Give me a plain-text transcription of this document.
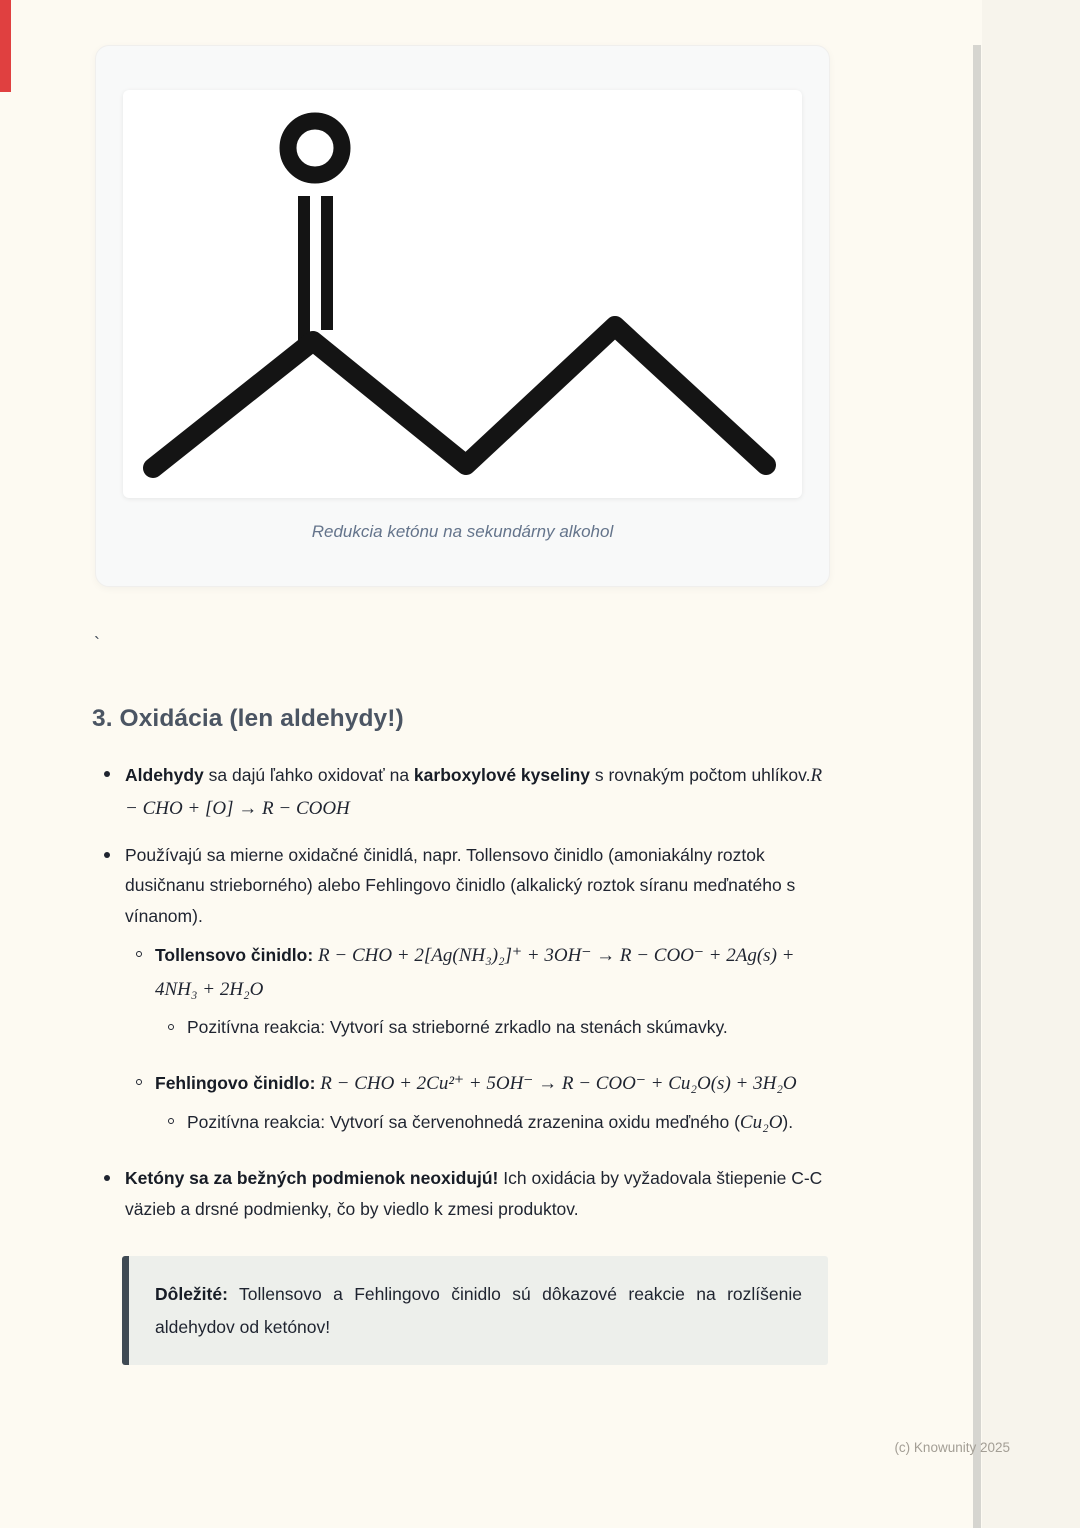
Redukcia ketónu na sekundárny alkohol
`
3. Oxidácia (len aldehydy!)

Aldehydy sa dajú ľahko oxidovať na karboxylové kyseliny s rovnakým počtom uhlíkov.R − CHO + [O] → R − COOH

Používajú sa mierne oxidačné činidlá, napr. Tollensovo činidlo (amoniakálny roztok dusičnanu strieborného) alebo Fehlingovo činidlo (alkalický roztok síranu meďnatého s vínanom).

Tollensovo činidlo: R − CHO + 2[Ag(NH₃)₂]⁺ + 3OH⁻ → R − COO⁻ + 2Ag(s) + 4NH₃ + 2H₂O

Pozitívna reakcia: Vytvorí sa strieborné zrkadlo na stenách skúmavky.

Fehlingovo činidlo: R − CHO + 2Cu²⁺ + 5OH⁻ → R − COO⁻ + Cu₂O(s) + 3H₂O

Pozitívna reakcia: Vytvorí sa červenohnedá zrazenina oxidu meďného (Cu₂O).

Ketóny sa za bežných podmienok neoxidujú! Ich oxidácia by vyžadovala štiepenie C-C väzieb a drsné podmienky, čo by viedlo k zmesi produktov.

Dôležité: Tollensovo a Fehlingovo činidlo sú dôkazové reakcie na rozlíšenie aldehydov od ketónov!

(c) Knowunity 2025
